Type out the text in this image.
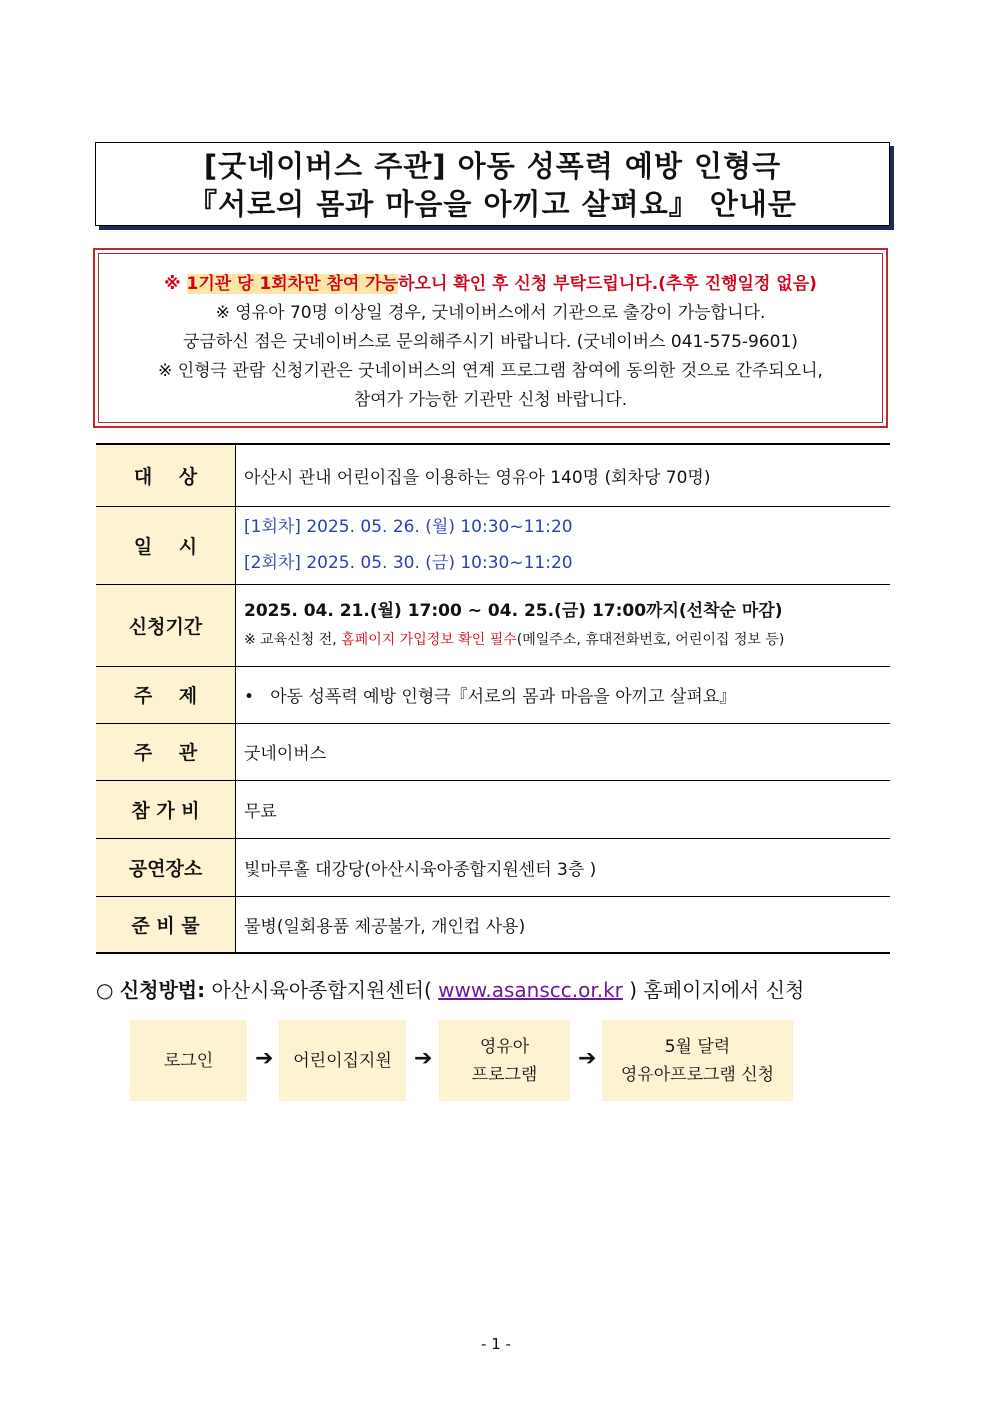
[굿네이버스 주관] 아동 성폭력 예방 인형극
『서로의 몸과 마음을 아끼고 살펴요』 안내문
※ 1기관 당 1회차만 참여 가능하오니 확인 후 신청 부탁드립니다.(추후 진행일정 없음)
※ 영유아 70명 이상일 경우, 굿네이버스에서 기관으로 출강이 가능합니다.
궁금하신 점은 굿네이버스로 문의해주시기 바랍니다. (굿네이버스 041-575-9601)
※ 인형극 관람 신청기관은 굿네이버스의 연계 프로그램 참여에 동의한 것으로 간주되오니,
참여가 가능한 기관만 신청 바랍니다.
대    상	아산시 관내 어린이집을 이용하는 영유아 140명 (회차당 70명)
일    시	[1회차] 2025. 05. 26. (월) 10:30~11:20
[2회차] 2025. 05. 30. (금) 10:30~11:20

신청기간	2025. 04. 21.(월) 17:00 ~ 04. 25.(금) 17:00까지(선착순 마감)
※ 교육신청 전, 홈페이지 가입정보 확인 필수(메일주소, 휴대전화번호, 어린이집 정보 등)

주    제	•   아동 성폭력 예방 인형극『서로의 몸과 마음을 아끼고 살펴요』
주    관	굿네이버스
참 가 비	무료
공연장소	빛마루홀 대강당(아산시육아종합지원센터 3층 )
준 비 물	물병(일회용품 제공불가, 개인컵 사용)
○ 신청방법: 아산시육아종합지원센터( www.asanscc.or.kr ) 홈페이지에서 신청
로그인 ➔ 어린이집지원 ➔	영유아
프로그램
➔	5월 달력
영유아프로그램 신청
- 1 -
